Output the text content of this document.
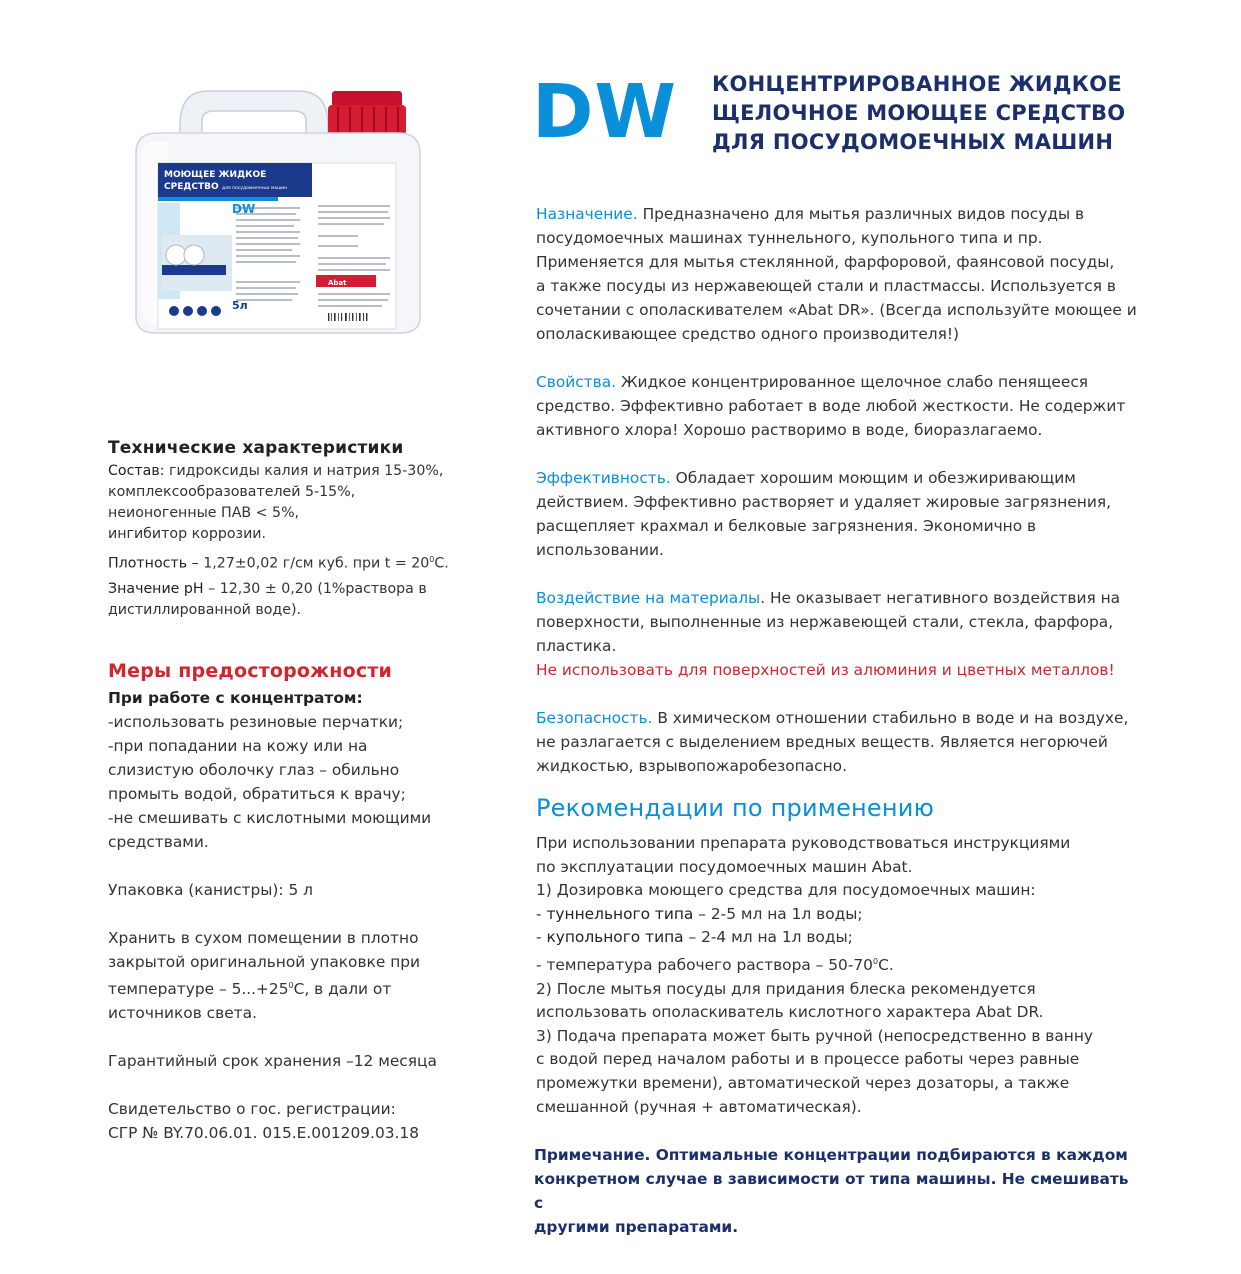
МОЮЩЕЕ ЖИДКОЕ
СРЕДСТВО для посудомоечных машин
DW
5л
Abat
DW КОНЦЕНТРИРОВАННОЕ ЖИДКОЕ
ЩЕЛОЧНОЕ МОЮЩЕЕ СРЕДСТВО
ДЛЯ ПОСУДОМОЕЧНЫХ МАШИН
Технические характеристики
Состав: гидроксиды калия и натрия 15-30%,
комплексообразователей 5-15%,
неионогенные ПАВ < 5%,
ингибитор коррозии.
Плотность – 1,27±0,02 г/см куб. при $t = 20^0С$.
Значение pH – 12,30 ± 0,20 (1%раствора в
дистиллированной воде).
Меры предосторожности
При работе с концентратом:
-использовать резиновые перчатки;
-при попадании на кожу или на
слизистую оболочку глаз – обильно
промыть водой, обратиться к врачу;
-не смешивать с кислотными моющими
средствами.
Упаковка (канистры): 5 л
Хранить в сухом помещении в плотно
закрытой оригинальной упаковке при
температуре – $5...+25^0С$, в дали от
источников света.
Гарантийный срок хранения –12 месяца
Свидетельство о гос. регистрации:
СГР № BY.70.06.01. 015.Е.001209.03.18
Назначение. Предназначено для мытья различных видов посуды в
посудомоечных машинах туннельного, купольного типа и пр.
Применяется для мытья стеклянной, фарфоровой, фаянсовой посуды,
а также посуды из нержавеющей стали и пластмассы. Используется в
сочетании с ополаскивателем «Abat DR». (Всегда используйте моющее и
ополаскивающее средство одного производителя!)
Свойства. Жидкое концентрированное щелочное слабо пенящееся
средство. Эффективно работает в воде любой жесткости. Не содержит
активного хлора! Хорошо растворимо в воде, биоразлагаемо.
Эффективность. Обладает хорошим моющим и обезжиривающим
действием. Эффективно растворяет и удаляет жировые загрязнения,
расщепляет крахмал и белковые загрязнения. Экономично в
использовании.
Воздействие на материалы. Не оказывает негативного воздействия на
поверхности, выполненные из нержавеющей стали, стекла, фарфора,
пластика.
Не использовать для поверхностей из алюминия и цветных металлов!
Безопасность. В химическом отношении стабильно в воде и на воздухе,
не разлагается с выделением вредных веществ. Является негорючей
жидкостью, взрывопожаробезопасно.
Рекомендации по применению
При использовании препарата руководствоваться инструкциями
по эксплуатации посудомоечных машин Abat.
1) Дозировка моющего средства для посудомоечных машин:
- туннельного типа – 2-5 мл на 1л воды;
- купольного типа – 2-4 мл на 1л воды;
- температура рабочего раствора – $50-70^0С$.
2) После мытья посуды для придания блеска рекомендуется
использовать ополаскиватель кислотного характера Abat DR.
3) Подача препарата может быть ручной (непосредственно в ванну
с водой перед началом работы и в процессе работы через равные
промежутки времени), автоматической через дозаторы, а также
смешанной (ручная + автоматическая).
Примечание. Оптимальные концентрации подбираются в каждом
конкретном случае в зависимости от типа машины. Не смешивать с
другими препаратами.
